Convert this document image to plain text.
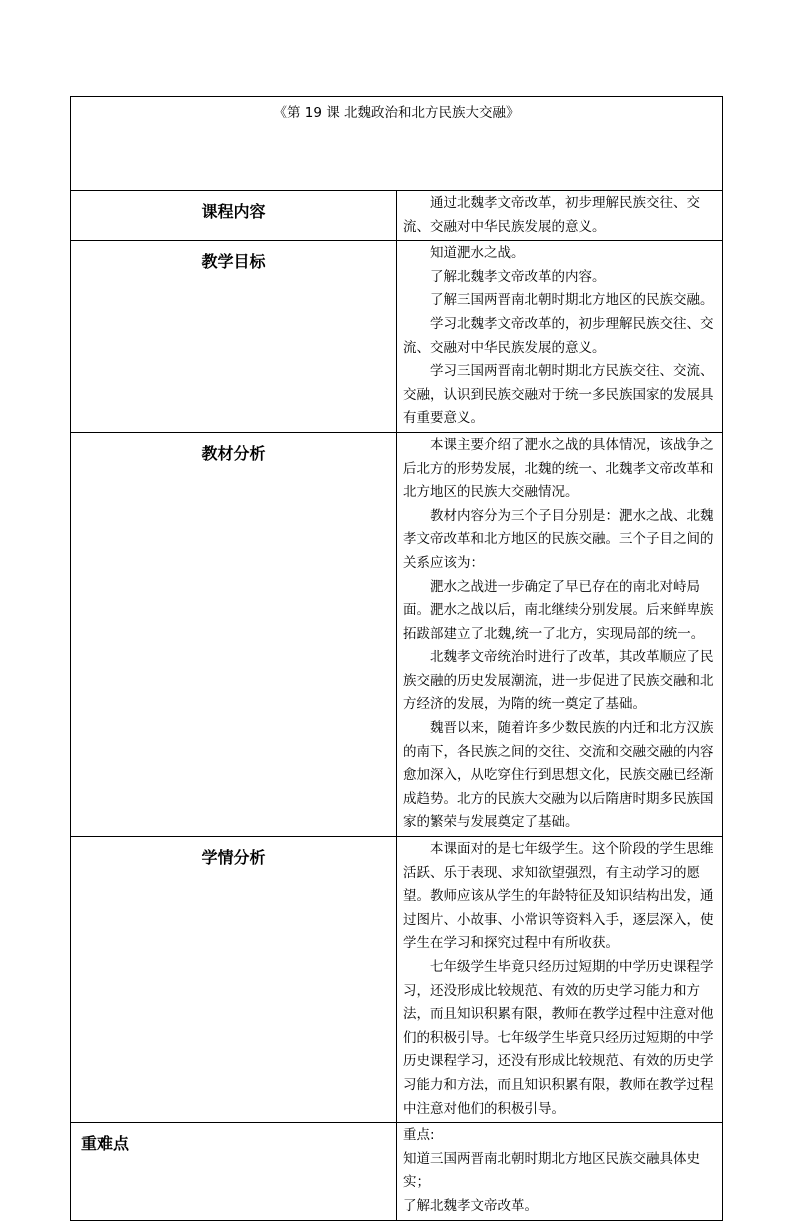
《第 19 课 北魏政治和北方民族大交融》	
课程内容	通过北魏孝文帝改革，初步理解民族交往、交流、交融对中华民族发展的意义。

教学目标	知道淝水之战。

了解北魏孝文帝改革的内容。

了解三国两晋南北朝时期北方地区的民族交融。

学习北魏孝文帝改革的，初步理解民族交往、交流、交融对中华民族发展的意义。

学习三国两晋南北朝时期北方民族交往、交流、交融，认识到民族交融对于统一多民族国家的发展具有重要意义。

教材分析	本课主要介绍了淝水之战的具体情况，该战争之后北方的形势发展，北魏的统一、北魏孝文帝改革和北方地区的民族大交融情况。

教材内容分为三个子目分别是：淝水之战、北魏孝文帝改革和北方地区的民族交融。三个子目之间的关系应该为：

淝水之战进一步确定了早已存在的南北对峙局面。淝水之战以后，南北继续分别发展。后来鲜卑族拓跋部建立了北魏,统一了北方，实现局部的统一。

北魏孝文帝统治时进行了改革，其改革顺应了民族交融的历史发展潮流，进一步促进了民族交融和北方经济的发展，为隋的统一奠定了基础。

魏晋以来，随着许多少数民族的内迁和北方汉族的南下，各民族之间的交往、交流和交融交融的内容愈加深入，从吃穿住行到思想文化，民族交融已经渐成趋势。北方的民族大交融为以后隋唐时期多民族国家的繁荣与发展奠定了基础。

学情分析	本课面对的是七年级学生。这个阶段的学生思维活跃、乐于表现、求知欲望强烈，有主动学习的愿望。教师应该从学生的年龄特征及知识结构出发，通过图片、小故事、小常识等资料入手，逐层深入，使学生在学习和探究过程中有所收获。

七年级学生毕竟只经历过短期的中学历史课程学习，还没形成比较规范、有效的历史学习能力和方法，而且知识积累有限，教师在教学过程中注意对他们的积极引导。七年级学生毕竟只经历过短期的中学历史课程学习，还没有形成比较规范、有效的历史学习能力和方法，而且知识积累有限，教师在教学过程中注意对他们的积极引导。

重难点	重点:

知道三国两晋南北朝时期北方地区民族交融具体史实；

了解北魏孝文帝改革。
